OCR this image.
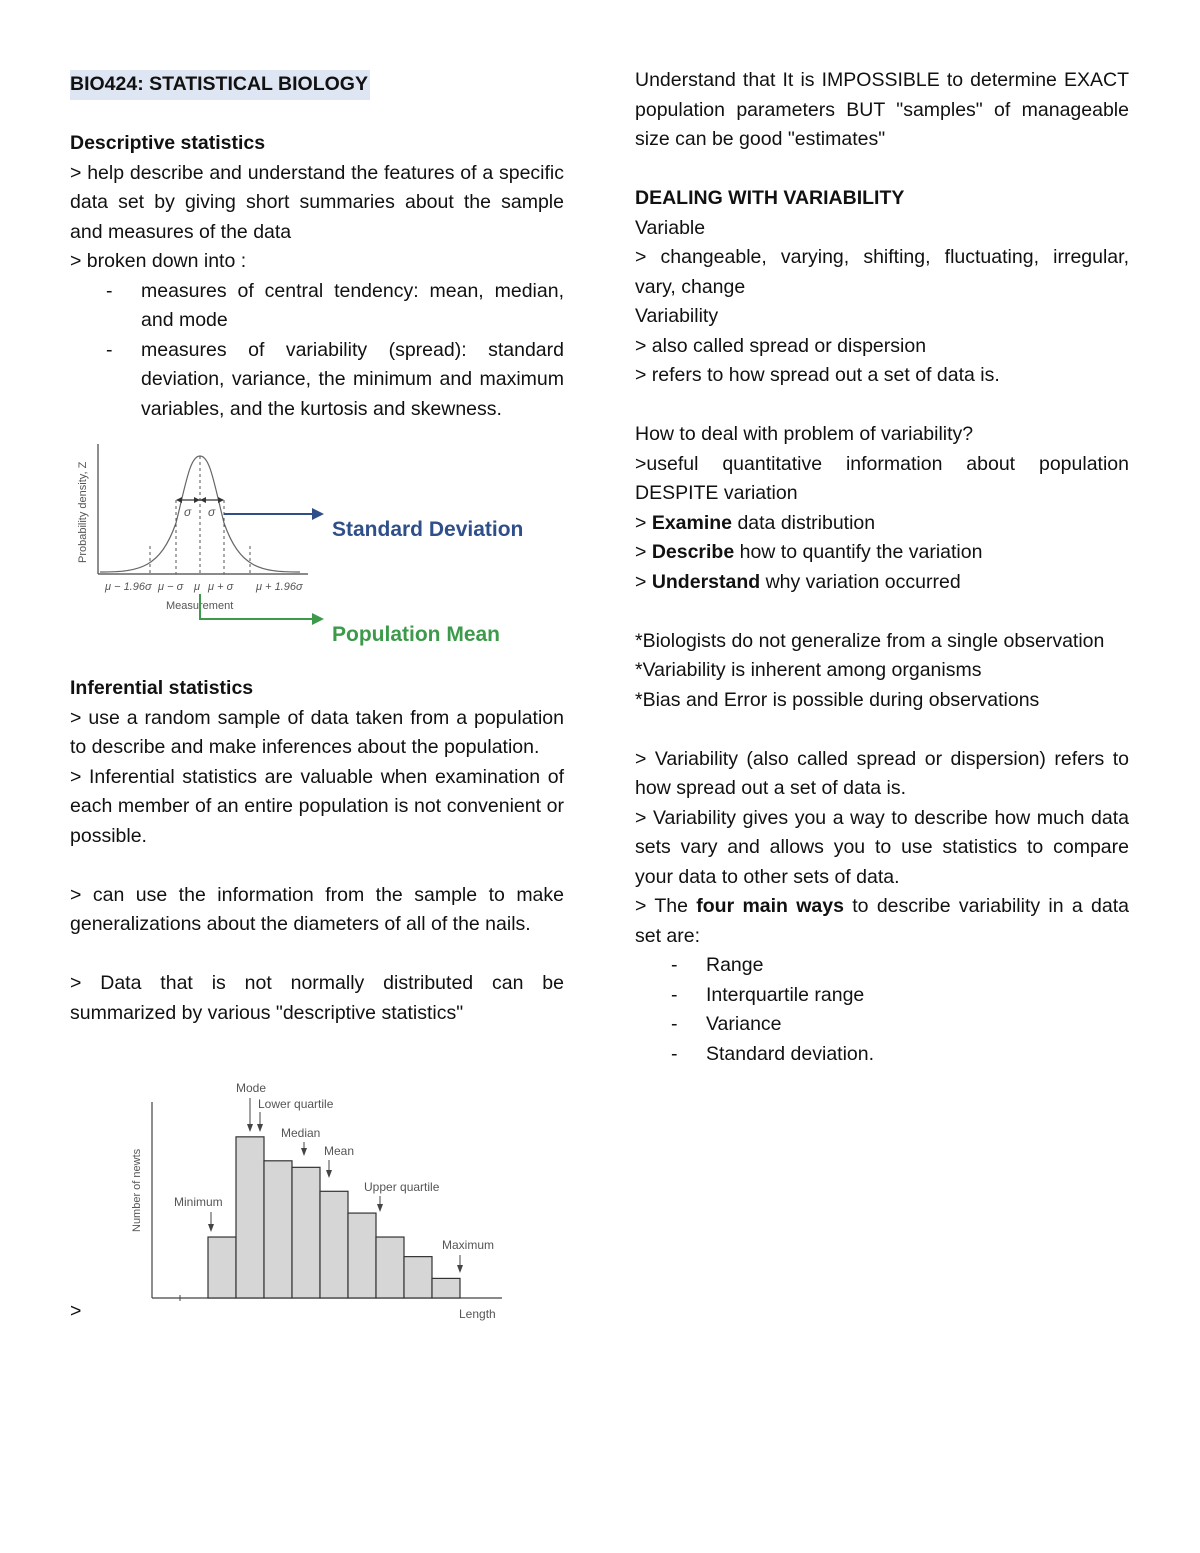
BIO424: STATISTICAL BIOLOGY

Descriptive statistics

> help describe and understand the features of a specific data set by giving short summaries about the sample and measures of the data

> broken down into :

- measures of central tendency: mean, median, and mode
- measures of variability (spread): standard deviation, variance, the minimum and maximum variables, and the kurtosis and skewness.
σ σ
Probability density, Z
μ − 1.96σ μ − σ μ μ + σ μ + 1.96σ
Measurement
Standard Deviation
Population Mean

Inferential statistics

> use a random sample of data taken from a population to describe and make inferences about the population.

> Inferential statistics are valuable when examination of each member of an entire population is not convenient or possible.

> can use the information from the sample to make generalizations about the diameters of all of the nails.

> Data that is not normally distributed can be summarized by various "descriptive statistics"

>
Number of newts
Length
Mode
Lower quartile
Median
Mean
Upper quartile
Minimum
Maximum

Understand that It is IMPOSSIBLE to determine EXACT population parameters BUT "samples" of manageable size can be good "estimates"

DEALING WITH VARIABILITY

Variable

> changeable, varying, shifting, fluctuating, irregular, vary, change

Variability

> also called spread or dispersion

> refers to how spread out a set of data is.

How to deal with problem of variability?

>useful quantitative information about population DESPITE variation

> Examine data distribution

> Describe how to quantify the variation

> Understand why variation occurred

*Biologists do not generalize from a single observation

*Variability is inherent among organisms

*Bias and Error is possible during observations

> Variability (also called spread or dispersion) refers to how spread out a set of data is.

> Variability gives you a way to describe how much data sets vary and allows you to use statistics to compare your data to other sets of data.

> The four main ways to describe variability in a data set are:

- Range
- Interquartile range
- Variance
- Standard deviation.
